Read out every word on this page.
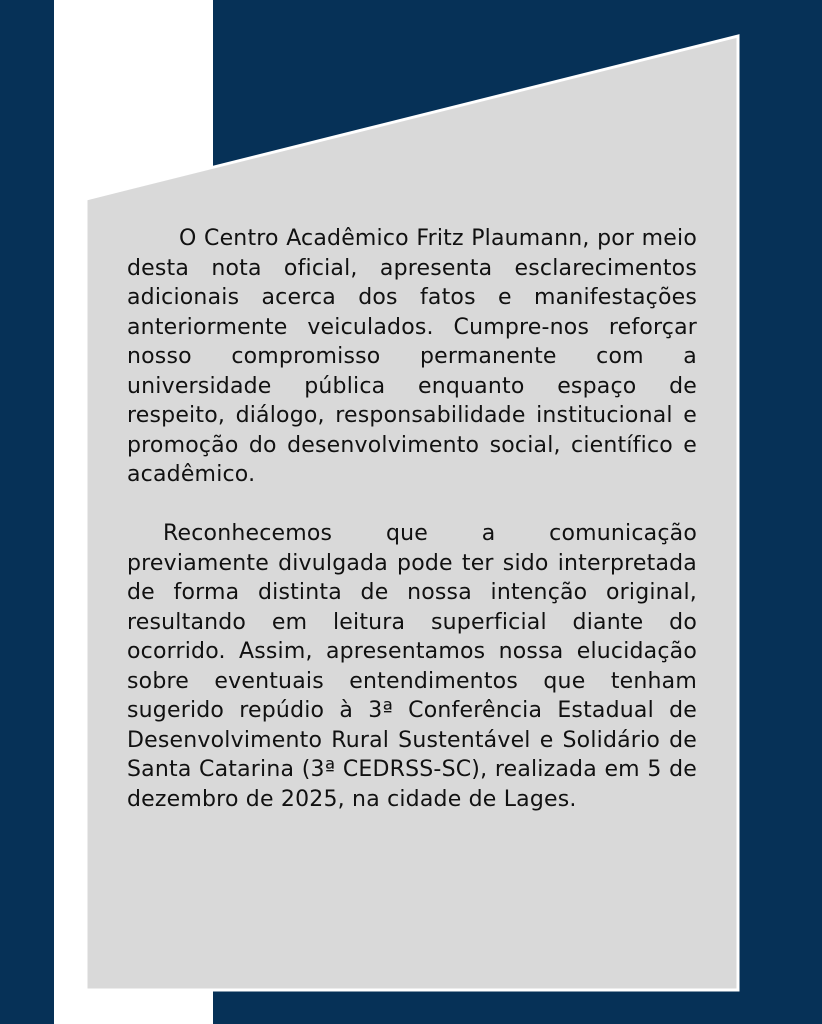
O Centro Acadêmico Fritz Plaumann, por meio desta nota oficial, apresenta esclarecimentos adicionais acerca dos fatos e manifestações anteriormente veiculados. Cumpre-nos reforçar nosso compromisso permanente com a universidade pública enquanto espaço de respeito, diálogo, responsabilidade institucional e promoção do desenvolvimento social, científico e acadêmico.

Reconhecemos que a comunicação previamente divulgada pode ter sido interpretada de forma distinta de nossa intenção original, resultando em leitura superficial diante do ocorrido. Assim, apresentamos nossa elucidação sobre eventuais entendimentos que tenham sugerido repúdio à 3ª Conferência Estadual de Desenvolvimento Rural Sustentável e Solidário de Santa Catarina (3ª CEDRSS-SC), realizada em 5 de dezembro de 2025, na cidade de Lages.
